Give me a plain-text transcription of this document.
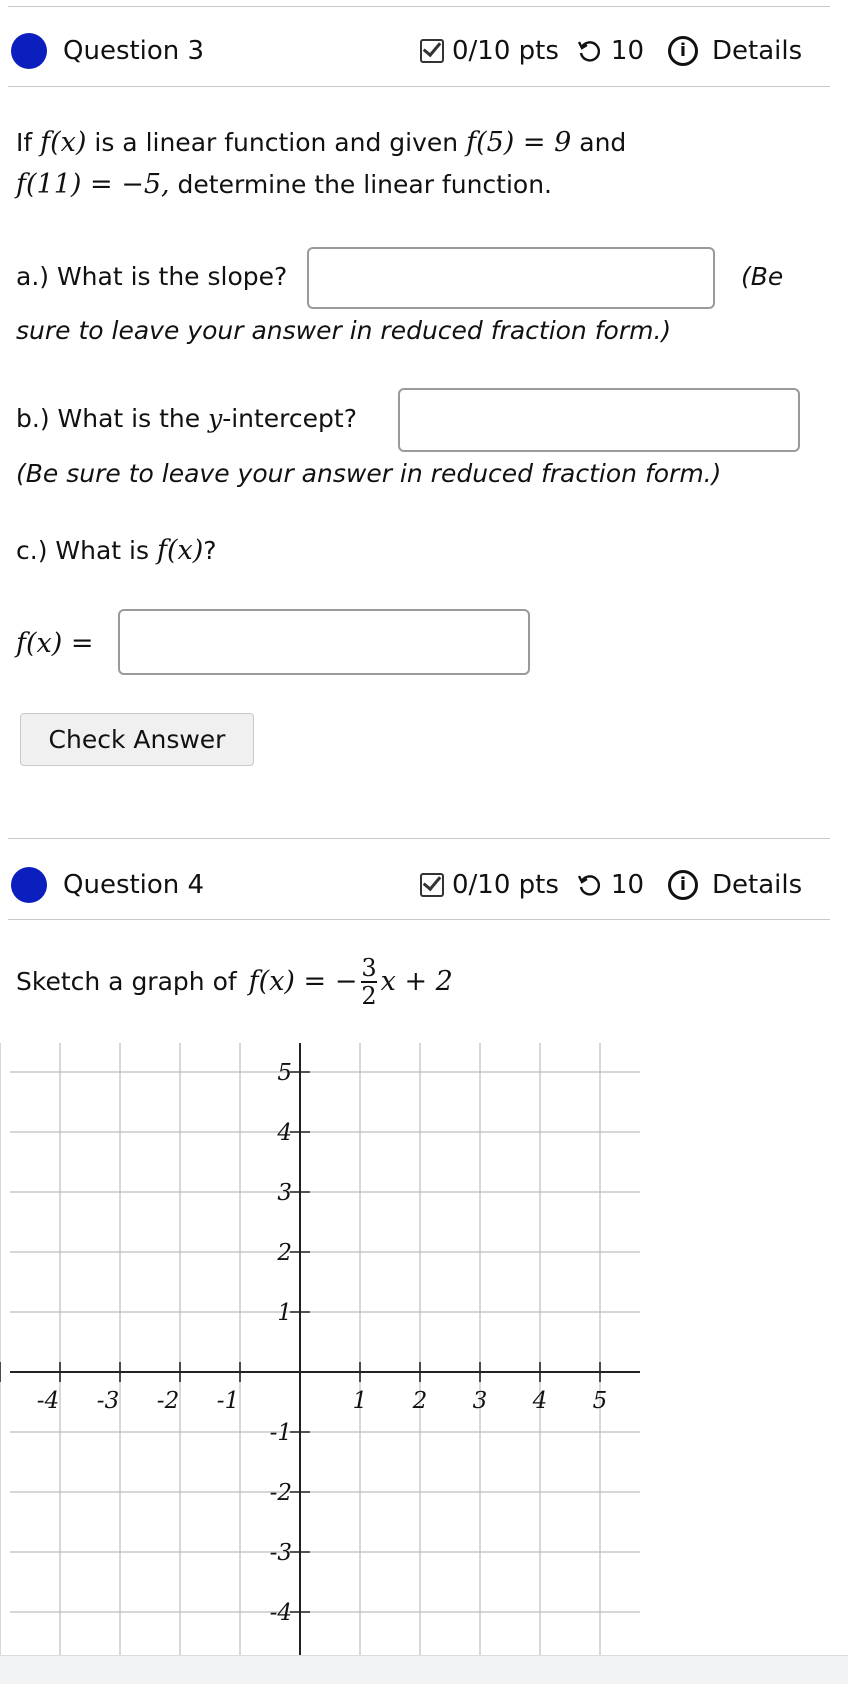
Question 3	0/10 pts 10	i Details
If f(x) is a linear function and given f(5) = 9 and
f(11) = −5, determine the linear function.
a.) What is the slope?	(Be
sure to leave your answer in reduced fraction form.)
b.) What is the y-intercept?
(Be sure to leave your answer in reduced fraction form.)
c.) What is f(x)?
f(x) =
Check Answer
Question 4	0/10 pts 10	i Details
Sketch a graph of f(x) = − $\frac{3}{2}$ x + 2
-4 -3 -2 -1	1 2 3 4 5
5
4
3
2
1
-1
-2
-3
-4
